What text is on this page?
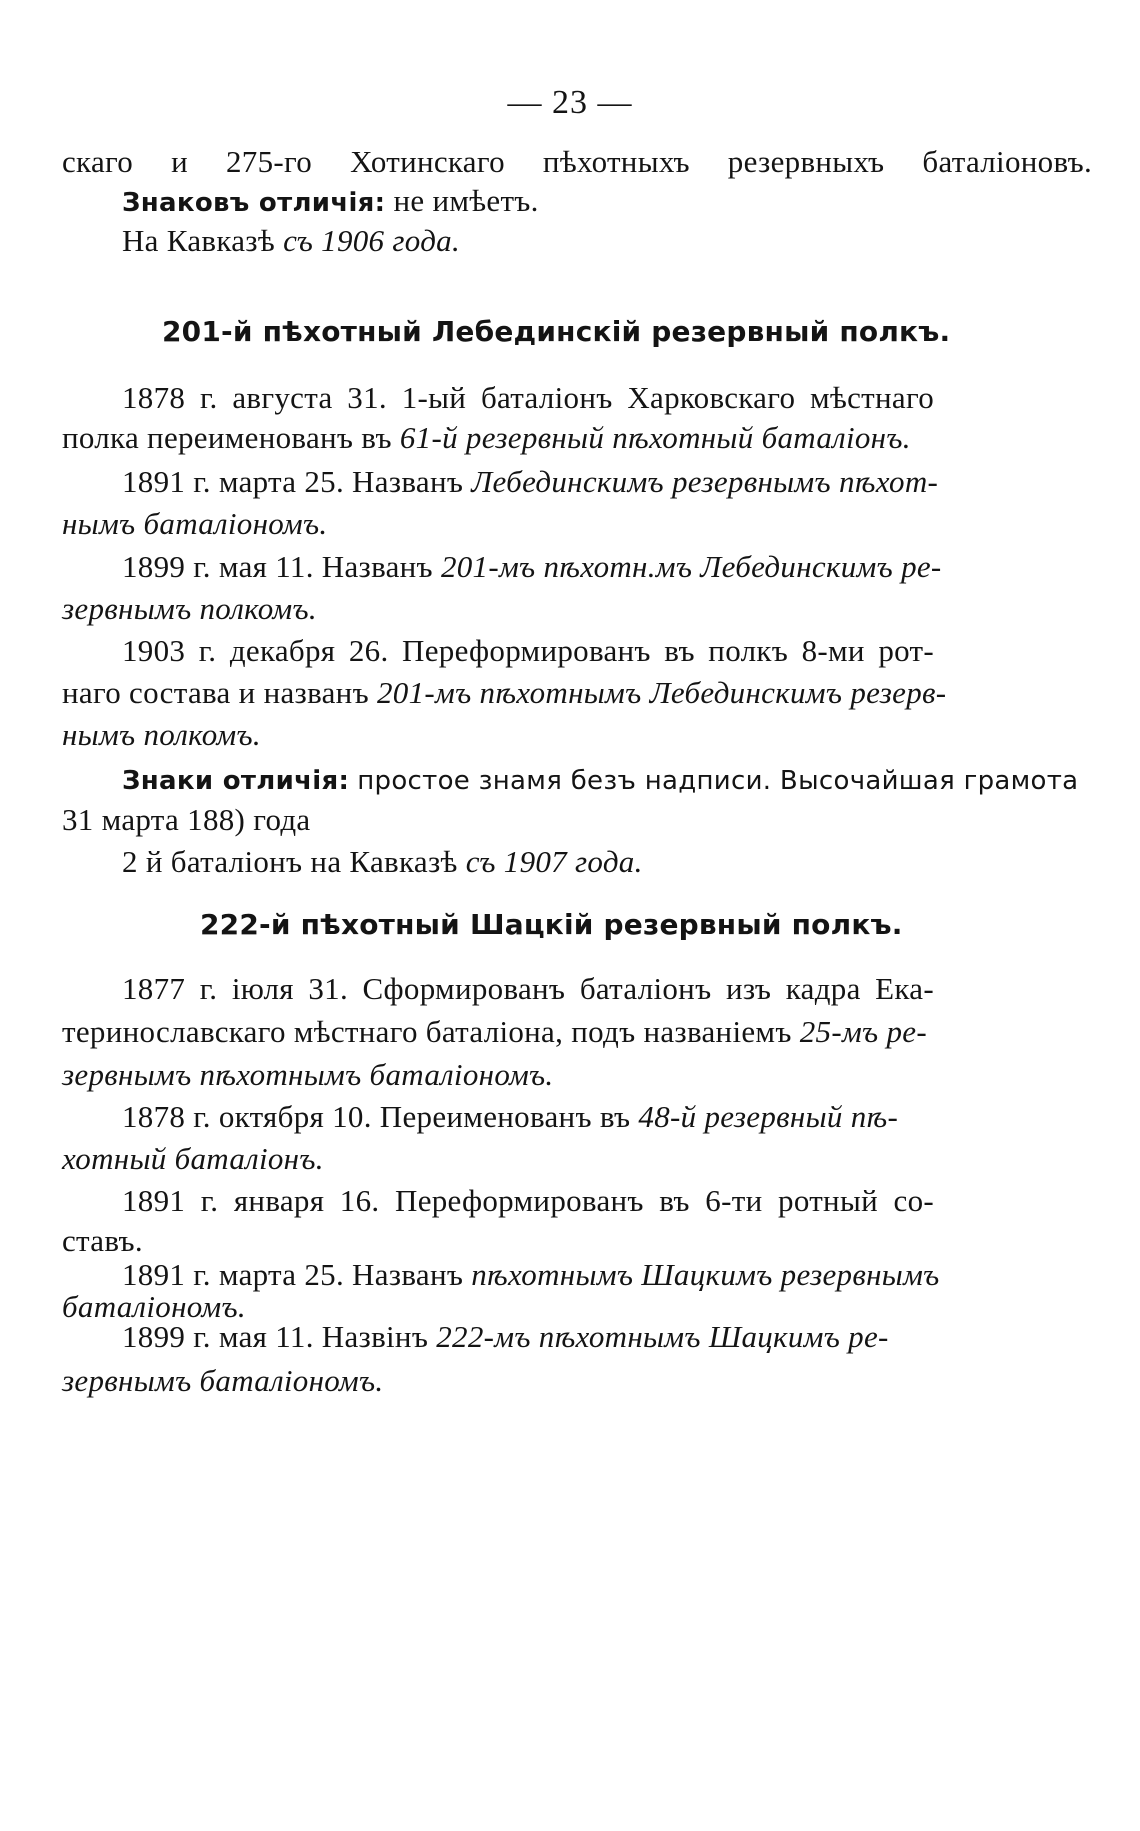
— 23 —

скаго и 275-го Хотинскаго пѣхотныхъ резервныхъ баталіоновъ.

Знаковъ отличія: не имѣетъ.

На Кавказѣ съ 1906 года.

201-й пѣхотный Лебединскій резервный полкъ.

1878 г. августа 31. 1-ый баталіонъ Харковскаго мѣстнаго

полка переименованъ въ 61-й резервный пѣхотный баталіонъ.

1891 г. марта 25. Названъ Лебединскимъ резервнымъ пѣхот-

нымъ баталіономъ.

1899 г. мая 11. Названъ 201-мъ пѣхотн.мъ Лебединскимъ ре-

зервнымъ полкомъ.

1903 г. декабря 26. Переформированъ въ полкъ 8-ми рот-

наго состава и названъ 201-мъ пѣхотнымъ Лебединскимъ резерв-

нымъ полкомъ.

Знаки отличія: простое знамя безъ надписи. Высочайшая грамота

31 марта 188) года

2 й баталіонъ на Кавказѣ съ 1907 года.

222-й пѣхотный Шацкій резервный полкъ.

1877 г. іюля 31. Сформированъ баталіонъ изъ кадра Ека-

теринославскаго мѣстнаго баталіона, подъ названіемъ 25-мъ ре-

зервнымъ пѣхотнымъ баталіономъ.

1878 г. октября 10. Переименованъ въ 48-й резервный пѣ-

хотный баталіонъ.

1891 г. января 16. Переформированъ въ 6-ти ротный со-

ставъ.

1891 г. марта 25. Названъ пѣхотнымъ Шацкимъ резервнымъ

баталіономъ.

1899 г. мая 11. Назвiнъ 222-мъ пѣхотнымъ Шацкимъ ре-

зервнымъ баталіономъ.
